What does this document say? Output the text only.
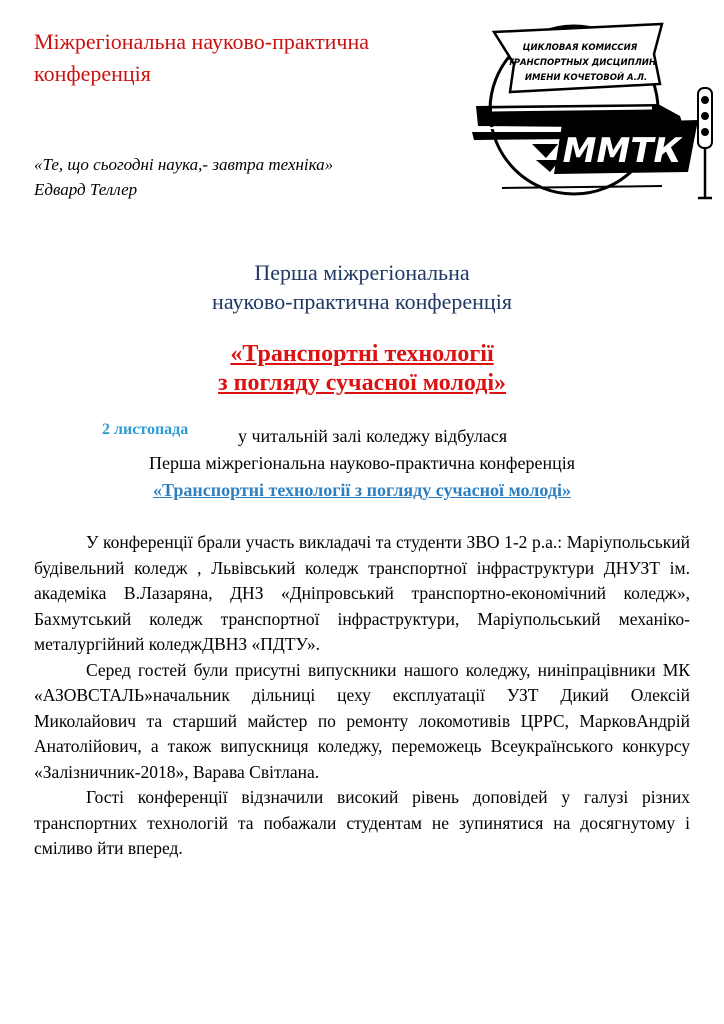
Міжрегіональна науково-практична
конференція
ЦИКЛОВАЯ КОМИССИЯ
ТРАНСПОРТНЫХ ДИСЦИПЛИН
ИМЕНИ КОЧЕТОВОЙ А.Л.
ММТК
«Те, що сьогодні наука,- завтра техніка»
Едвард Теллер
Перша міжрегіональна
науково-практична конференція
«Транспортні технології
з погляду сучасної молоді»
2 листопада	у читальній залі коледжу відбулася
Перша міжрегіональна науково-практична конференція
«Транспортні технології з погляду сучасної молоді»

У конференції брали участь викладачі та студенти ЗВО 1-2 р.а.: Маріупольський будівельний коледж , Львівський коледж транспортної інфраструктури ДНУЗТ ім. академіка В.Лазаряна, ДНЗ «Дніпровський транспортно-економічний коледж», Бахмутський коледж транспортної інфраструктури, Маріупольський механіко-металургійний коледжДВНЗ «ПДТУ».

Серед гостей були присутні випускники нашого коледжу, ниніпрацівники МК «АЗОВСТАЛЬ»начальник дільниці цеху експлуатації УЗТ Дикий Олексій Миколайович та старший майстер по ремонту локомотивів ЦРРС, МарковАндрій Анатолійович, а також випускниця коледжу, переможець Всеукраїнського конкурсу «Залізничник-2018», Варава Світлана.

Гості конференції відзначили високий рівень доповідей у галузі різних транспортних технологій та побажали студентам не зупинятися на досягнутому і сміливо йти вперед.
